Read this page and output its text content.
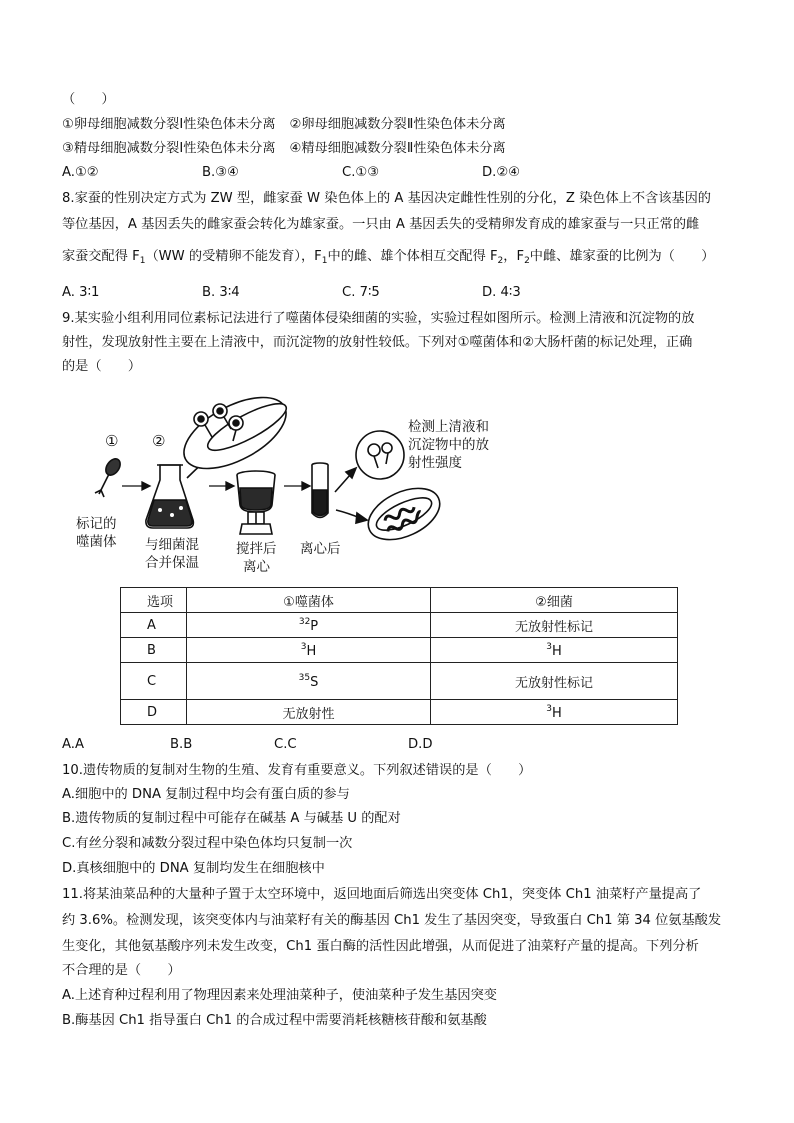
（　　）
①卵母细胞减数分裂Ⅰ性染色体未分离 ②卵母细胞减数分裂Ⅱ性染色体未分离
③精母细胞减数分裂Ⅰ性染色体未分离 ④精母细胞减数分裂Ⅱ性染色体未分离
A.①②	B.③④	C.①③	D.②④
8.家蚕的性别决定方式为 ZW 型，雌家蚕 W 染色体上的 A 基因决定雌性性别的分化，Z 染色体上不含该基因的
等位基因，A 基因丢失的雌家蚕会转化为雄家蚕。一只由 A 基因丢失的受精卵发育成的雄家蚕与一只正常的雌
家蚕交配得 $F_1(WW$ 的受精卵不能发育），$F_1$中的雌、雄个体相互交配得 $F_2$，$F_2$中雌、雄家蚕的比例为（　　）
A. 3∶1	B. 3∶4	C. 7∶5	D. 4∶3
9.某实验小组利用同位素标记法进行了噬菌体侵染细菌的实验，实验过程如图所示。检测上清液和沉淀物的放
射性，发现放射性主要在上清液中，而沉淀物的放射性较低。下列对①噬菌体和②大肠杆菌的标记处理，正确
的是（　　）
① ②
标记的
噬菌体 与细菌混
合并保温
搅拌后
离心
离心后
检测上清液和
沉淀物中的放
射性强度
选项	①噬菌体	②细菌
A	$^{32}$P	无放射性标记
B	$^3$H	$^3$H
C	$^{35}$S	无放射性标记
D	无放射性	$^3$H
A.A	B.B	C.C	D.D
10.遗传物质的复制对生物的生殖、发育有重要意义。下列叙述错误的是（　　）
A.细胞中的 DNA 复制过程中均会有蛋白质的参与
B.遗传物质的复制过程中可能存在碱基 A 与碱基 U 的配对
C.有丝分裂和减数分裂过程中染色体均只复制一次
D.真核细胞中的 DNA 复制均发生在细胞核中
11.将某油菜品种的大量种子置于太空环境中，返回地面后筛选出突变体 Ch1，突变体 Ch1 油菜籽产量提高了
约 3.6%。检测发现，该突变体内与油菜籽有关的酶基因 Ch1 发生了基因突变，导致蛋白 Ch1 第 34 位氨基酸发
生变化，其他氨基酸序列未发生改变，Ch1 蛋白酶的活性因此增强，从而促进了油菜籽产量的提高。下列分析
不合理的是（　　）
A.上述育种过程利用了物理因素来处理油菜种子，使油菜种子发生基因突变
B.酶基因 Ch1 指导蛋白 Ch1 的合成过程中需要消耗核糖核苷酸和氨基酸
